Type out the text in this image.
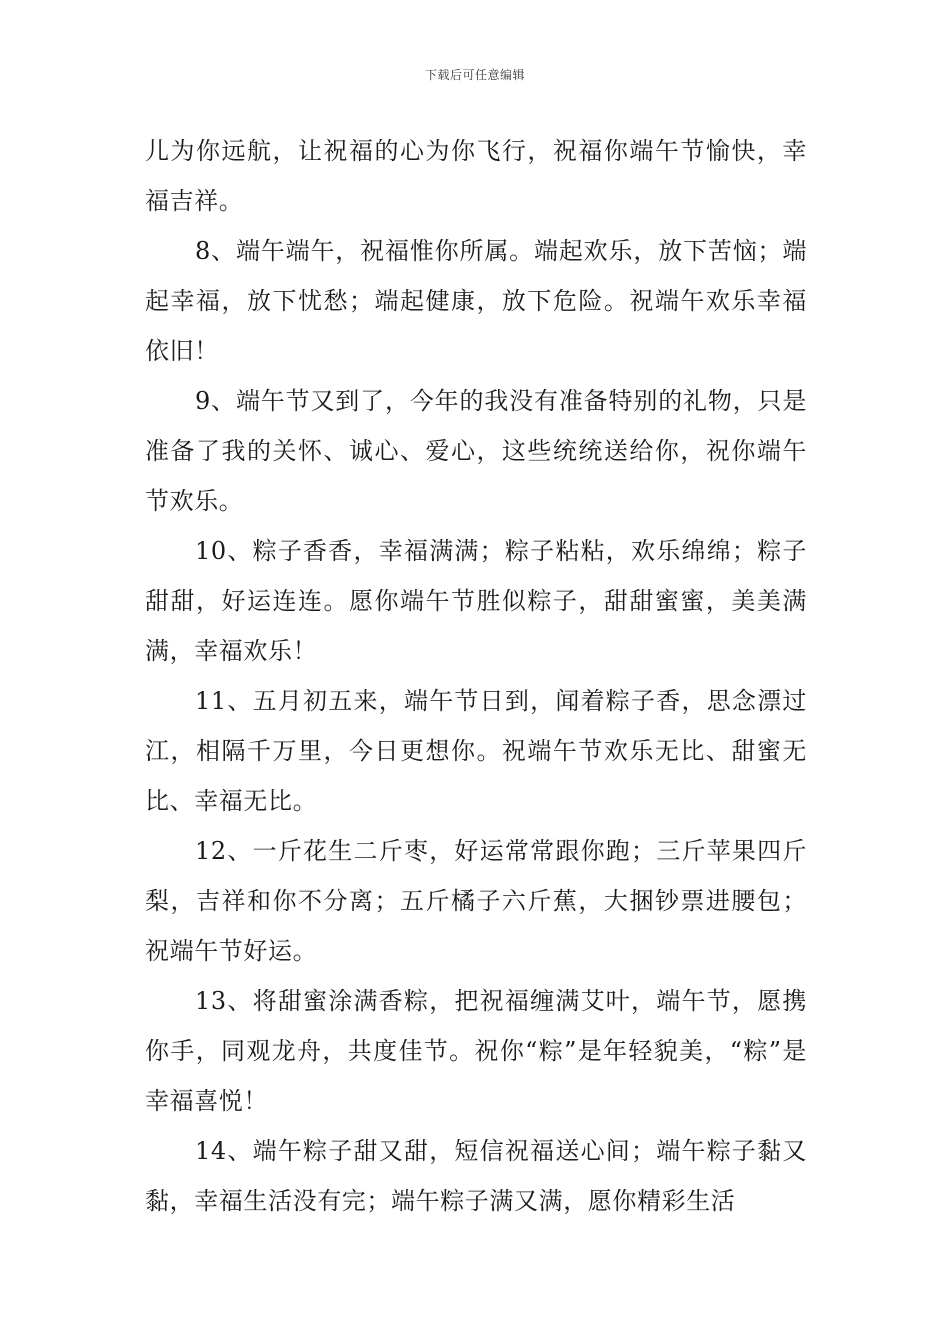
下载后可任意编辑

儿为你远航，让祝福的心为你飞行，祝福你端午节愉快，幸福吉祥。

8、端午端午，祝福惟你所属。端起欢乐，放下苦恼；端起幸福，放下忧愁；端起健康，放下危险。祝端午欢乐幸福依旧！

9、端午节又到了，今年的我没有准备特别的礼物，只是准备了我的关怀、诚心、爱心，这些统统送给你，祝你端午节欢乐。

10、粽子香香，幸福满满；粽子粘粘，欢乐绵绵；粽子甜甜，好运连连。愿你端午节胜似粽子，甜甜蜜蜜，美美满满，幸福欢乐！

11、五月初五来，端午节日到，闻着粽子香，思念漂过江，相隔千万里，今日更想你。祝端午节欢乐无比、甜蜜无比、幸福无比。

12、一斤花生二斤枣，好运常常跟你跑；三斤苹果四斤梨，吉祥和你不分离；五斤橘子六斤蕉，大捆钞票进腰包；祝端午节好运。

13、将甜蜜涂满香粽，把祝福缠满艾叶，端午节，愿携你手，同观龙舟，共度佳节。祝你“粽”是年轻貌美，“粽”是幸福喜悦！

14、端午粽子甜又甜，短信祝福送心间；端午粽子黏又黏，幸福生活没有完；端午粽子满又满，愿你精彩生活
